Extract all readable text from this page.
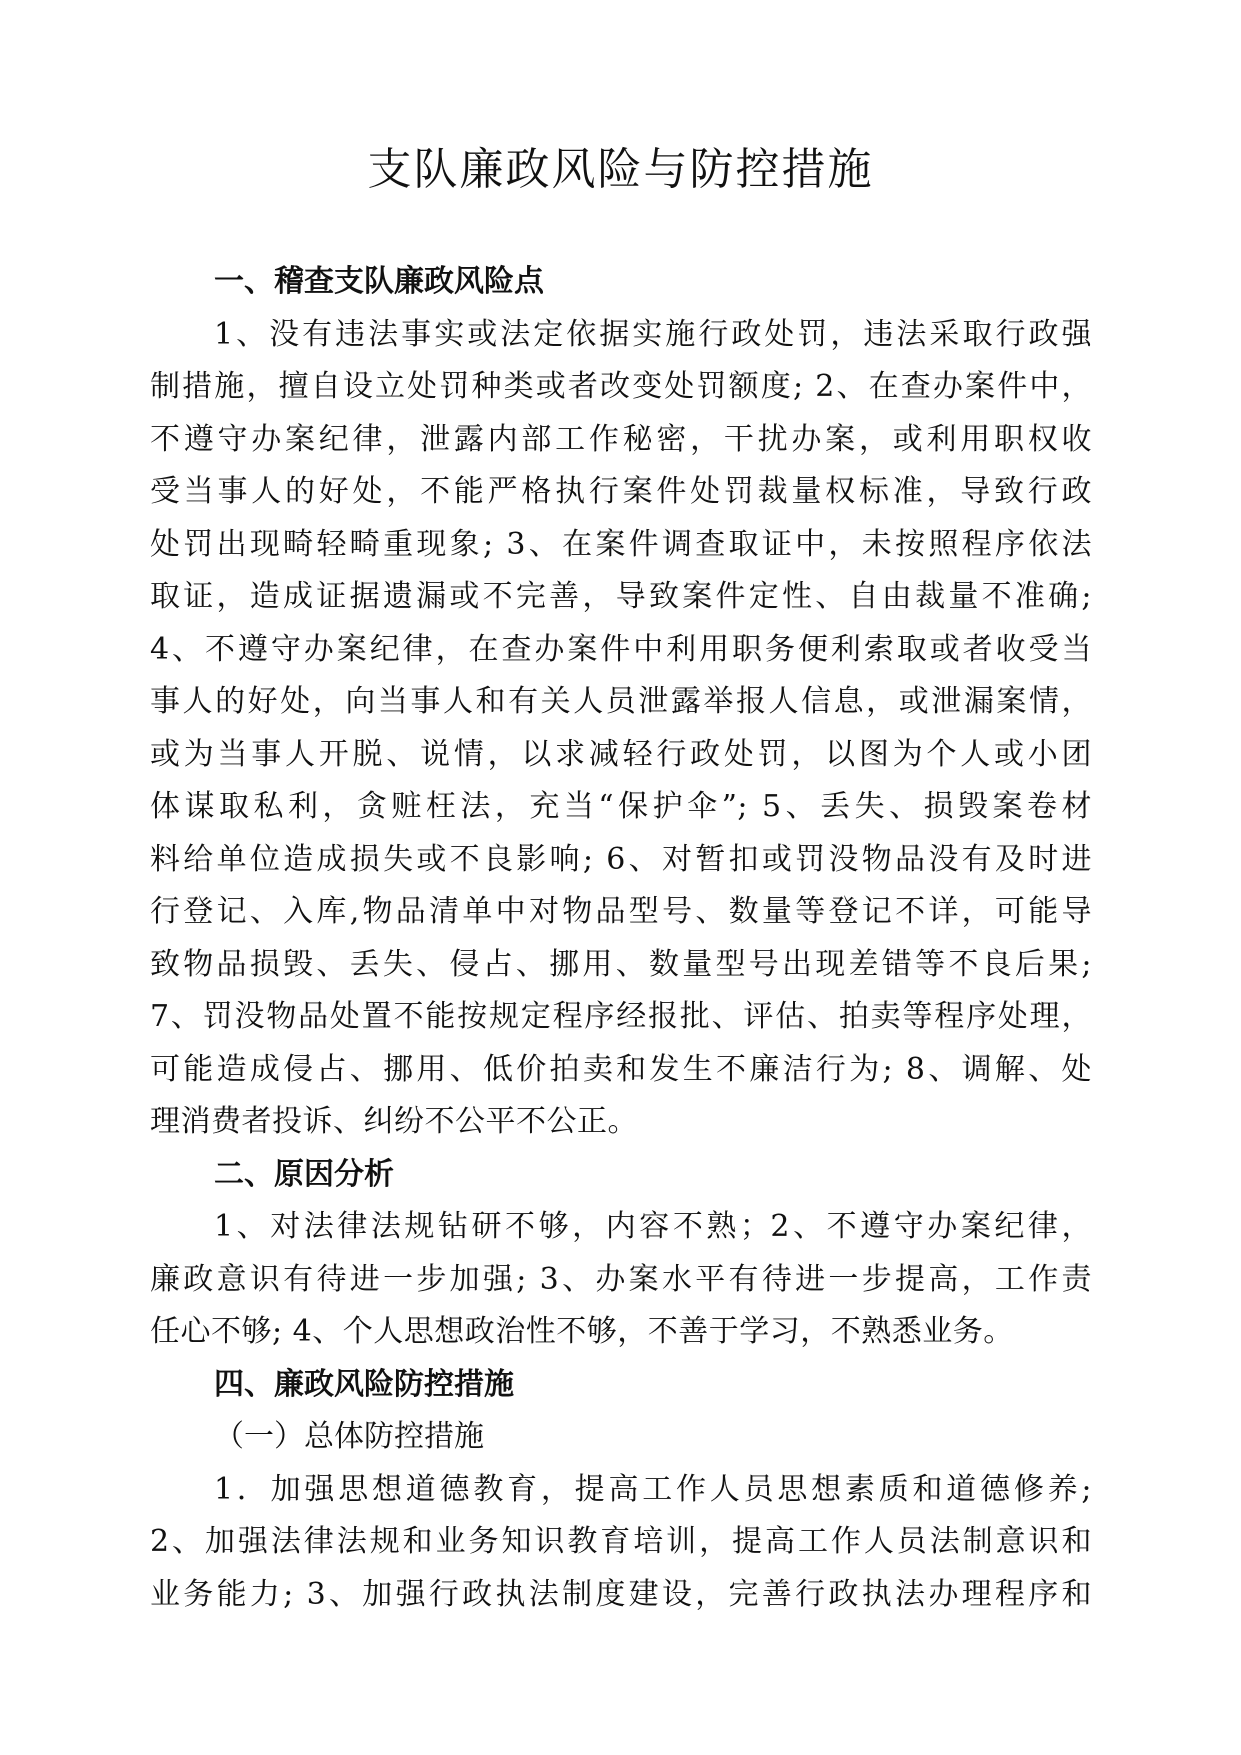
支队廉政风险与防控措施

一、稽查支队廉政风险点

1、没有违法事实或法定依据实施行政处罚，违法采取行政强
制措施，擅自设立处罚种类或者改变处罚额度; 2、在查办案件中，
不遵守办案纪律，泄露内部工作秘密，干扰办案，或利用职权收
受当事人的好处，不能严格执行案件处罚裁量权标准，导致行政
处罚出现畸轻畸重现象; 3、在案件调查取证中，未按照程序依法
取证，造成证据遗漏或不完善，导致案件定性、自由裁量不准确;
4、不遵守办案纪律，在查办案件中利用职务便利索取或者收受当
事人的好处，向当事人和有关人员泄露举报人信息，或泄漏案情，
或为当事人开脱、说情，以求减轻行政处罚，以图为个人或小团
体谋取私利，贪赃枉法，充当“保护伞”; 5、丢失、损毁案卷材
料给单位造成损失或不良影响; 6、对暂扣或罚没物品没有及时进
行登记、入库,物品清单中对物品型号、数量等登记不详，可能导
致物品损毁、丢失、侵占、挪用、数量型号出现差错等不良后果;
7、罚没物品处置不能按规定程序经报批、评估、拍卖等程序处理，
可能造成侵占、挪用、低价拍卖和发生不廉洁行为; 8、调解、处
理消费者投诉、纠纷不公平不公正。

二、原因分析

1、对法律法规钻研不够，内容不熟；2、不遵守办案纪律，
廉政意识有待进一步加强; 3、办案水平有待进一步提高，工作责
任心不够; 4、个人思想政治性不够，不善于学习，不熟悉业务。

四、廉政风险防控措施

（一）总体防控措施

1．加强思想道德教育，提高工作人员思想素质和道德修养;
2、加强法律法规和业务知识教育培训，提高工作人员法制意识和
业务能力; 3、加强行政执法制度建设，完善行政执法办理程序和
